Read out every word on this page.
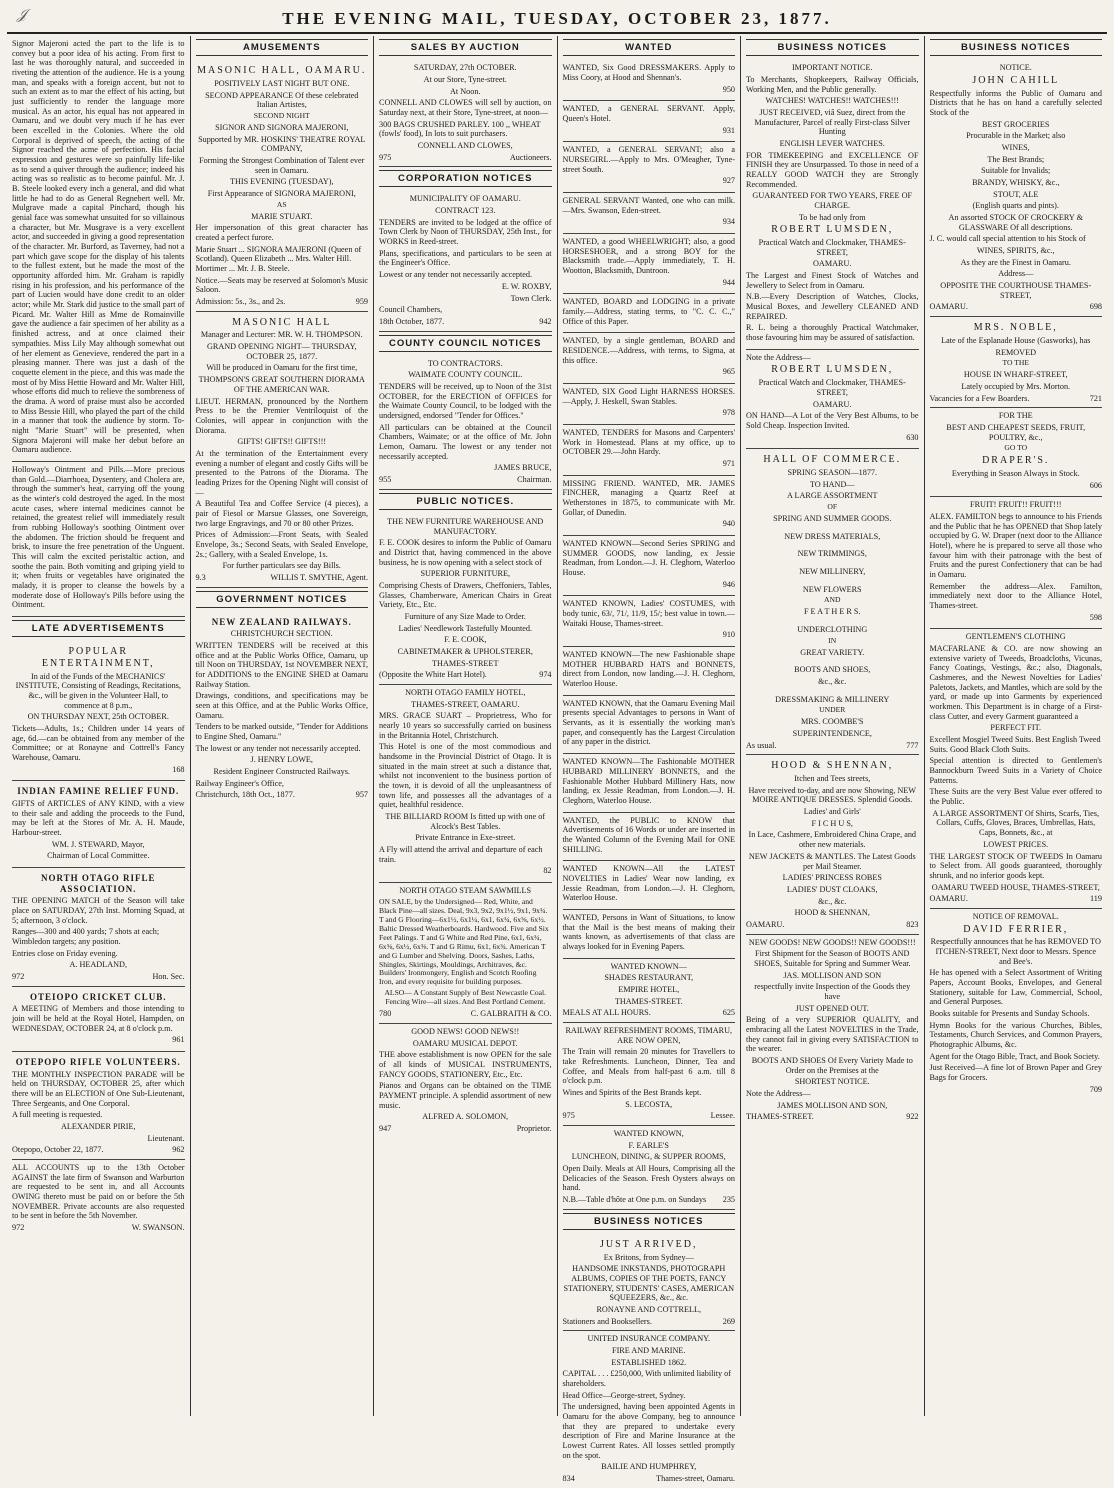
𝒥	THE EVENING MAIL, TUESDAY, OCTOBER 23, 1877.

Signor Majeroni acted the part to the life is to convey but a poor idea of his acting. From first to last he was thoroughly natural, and succeeded in riveting the attention of the audience. He is a young man, and speaks with a foreign accent, but not to such an extent as to mar the effect of his acting, but just sufficiently to render the language more musical. As an actor, his equal has not appeared in Oamaru, and we doubt very much if he has ever been excelled in the Colonies. Where the old Corporal is deprived of speech, the acting of the Signor reached the acme of perfection. His facial expression and gestures were so painfully life-like as to send a quiver through the audience; indeed his acting was so realistic as to become painful. Mr. J. B. Steele looked every inch a general, and did what little he had to do as General Regnebert well. Mr. Mulgrave made a capital Pinchard, though his genial face was somewhat unsuited for so villainous a character, but Mr. Musgrave is a very excellent actor, and succeeded in giving a good representation of the character. Mr. Burford, as Taverney, had not a part which gave scope for the display of his talents to the fullest extent, but he made the most of the opportunity afforded him. Mr. Graham is rapidly rising in his profession, and his performance of the part of Lucien would have done credit to an older actor; while Mr. Stark did justice to the small part of Picard. Mr. Walter Hill as Mme de Romainville gave the audience a fair specimen of her ability as a finished actress, and at once claimed their sympathies. Miss Lily May although somewhat out of her element as Genevieve, rendered the part in a pleasing manner. There was just a dash of the coquette element in the piece, and this was made the most of by Miss Hettie Howard and Mr. Walter Hill, whose efforts did much to relieve the sombreness of the drama. A word of praise must also be accorded to Miss Bessie Hill, who played the part of the child in a manner that took the audience by storm. To-night "Marie Stuart" will be presented, when Signora Majeroni will make her debut before an Oamaru audience.

Holloway's Ointment and Pills.—More precious than Gold.—Diarrhoea, Dysentery, and Cholera are, through the summer's heat, carrying off the young as the winter's cold destroyed the aged. In the most acute cases, where internal medicines cannot be retained, the greatest relief will immediately result from rubbing Holloway's soothing Ointment over the abdomen. The friction should be frequent and brisk, to insure the free penetration of the Unguent. This will calm the excited peristaltic action, and soothe the pain. Both vomiting and griping yield to it; when fruits or vegetables have originated the malady, it is proper to cleanse the bowels by a moderate dose of Holloway's Pills before using the Ointment.

LATE ADVERTISEMENTS

POPULAR ENTERTAINMENT,

In aid of the Funds of the MECHANICS' INSTITUTE, Consisting of Readings, Recitations, &c., will be given in the Volunteer Hall, to commence at 8 p.m.,

ON THURSDAY NEXT, 25th OCTOBER.

Tickets—Adults, 1s.; Children under 14 years of age, 6d.—can be obtained from any member of the Committee; or at Ronayne and Cottrell's Fancy Warehouse, Oamaru.

168

INDIAN FAMINE RELIEF FUND.

GIFTS of ARTICLES of ANY KIND, with a view to their sale and adding the proceeds to the Fund, may be left at the Stores of Mr. A. H. Maude, Harbour-street.

WM. J. STEWARD, Mayor,

Chairman of Local Committee.

NORTH OTAGO RIFLE ASSOCIATION.

THE OPENING MATCH of the Season will take place on SATURDAY, 27th Inst. Morning Squad, at 5; afternoon, 3 o'clock.

Ranges—300 and 400 yards; 7 shots at each; Wimbledon targets; any position.

Entries close on Friday evening.

A. HEADLAND,

972	Hon. Sec.

OTEIOPO CRICKET CLUB.

A MEETING of Members and those intending to join will be held at the Royal Hotel, Hampden, on WEDNESDAY, OCTOBER 24, at 8 o'clock p.m.

961

OTEPOPO RIFLE VOLUNTEERS.

THE MONTHLY INSPECTION PARADE will be held on THURSDAY, OCTOBER 25, after which there will be an ELECTION of One Sub-Lieutenant, Three Sergeants, and One Corporal.

A full meeting is requested.

ALEXANDER PIRIE,

Lieutenant.

Otepopo, October 22, 1877.	962

ALL ACCOUNTS up to the 13th October AGAINST the late firm of Swanson and Warburton are requested to be sent in, and all Accounts OWING thereto must be paid on or before the 5th NOVEMBER. Private accounts are also requested to be sent in before the 5th November.

972	W. SWANSON.
AMUSEMENTS

MASONIC HALL, OAMARU.

POSITIVELY LAST NIGHT BUT ONE.

SECOND APPEARANCE Of these celebrated Italian Artistes,

SECOND NIGHT

SIGNOR AND SIGNORA MAJERONI,

Supported by MR. HOSKINS' THEATRE ROYAL COMPANY,

Forming the Strongest Combination of Talent ever seen in Oamaru.

THIS EVENING (TUESDAY),

First Appearance of SIGNORA MAJERONI,

AS

MARIE STUART.

Her impersonation of this great character has created a perfect furore.

Marie Stuart ... SIGNORA MAJERONI (Queen of Scotland). Queen Elizabeth ... Mrs. Walter Hill. Mortimer ... Mr. J. B. Steele.

Notice.—Seats may be reserved at Solomon's Music Saloon.

Admission: 5s., 3s., and 2s.	959

MASONIC HALL

Manager and Lecturer: MR. W. H. THOMPSON.

GRAND OPENING NIGHT— THURSDAY, OCTOBER 25, 1877.

Will be produced in Oamaru for the first time,

THOMPSON'S GREAT SOUTHERN DIORAMA OF THE AMERICAN WAR.

LIEUT. HERMAN, pronounced by the Northern Press to be the Premier Ventriloquist of the Colonies, will appear in conjunction with the Diorama.

GIFTS! GIFTS!! GIFTS!!!

At the termination of the Entertainment every evening a number of elegant and costly Gifts will be presented to the Patrons of the Diorama. The leading Prizes for the Opening Night will consist of—

A Beautiful Tea and Coffee Service (4 pieces), a pair of Fiesol or Marsue Glasses, one Sovereign, two large Engravings, and 70 or 80 other Prizes.

Prices of Admission:—Front Seats, with Sealed Envelope, 3s.; Second Seats, with Sealed Envelope, 2s.; Gallery, with a Sealed Envelope, 1s.

For further particulars see day Bills.

9.3	WILLIS T. SMYTHE, Agent.
GOVERNMENT NOTICES

NEW ZEALAND RAILWAYS.

CHRISTCHURCH SECTION.

WRITTEN TENDERS will be received at this office and at the Public Works Office, Oamaru, up till Noon on THURSDAY, 1st NOVEMBER NEXT, for ADDITIONS to the ENGINE SHED at Oamaru Railway Station.

Drawings, conditions, and specifications may be seen at this Office, and at the Public Works Office, Oamaru.

Tenders to be marked outside, "Tender for Additions to Engine Shed, Oamaru."

The lowest or any tender not necessarily accepted.

J. HENRY LOWE,

Resident Engineer Constructed Railways.

Railway Engineer's Office,

Christchurch, 18th Oct., 1877.	957
SALES BY AUCTION

SATURDAY, 27th OCTOBER.

At our Store, Tyne-street.

At Noon.

CONNELL AND CLOWES will sell by auction, on Saturday next, at their Store, Tyne-street, at noon—

300 BAGS CRUSHED PARLEY. 100 ,, WHEAT (fowls' food), In lots to suit purchasers.

CONNELL AND CLOWES,

975	Auctioneers.
CORPORATION NOTICES

MUNICIPALITY OF OAMARU.

CONTRACT 123.

TENDERS are invited to be lodged at the office of Town Clerk by Noon of THURSDAY, 25th Inst., for WORKS in Reed-street.

Plans, specifications, and particulars to be seen at the Engineer's Office.

Lowest or any tender not necessarily accepted.

E. W. ROXBY,

Town Clerk.

Council Chambers,

18th October, 1877.	942
COUNTY COUNCIL NOTICES

TO CONTRACTORS.

WAIMATE COUNTY COUNCIL.

TENDERS will be received, up to Noon of the 31st OCTOBER, for the ERECTION of OFFICES for the Waimate County Council, to be lodged with the undersigned, endorsed "Tender for Offices."

All particulars can be obtained at the Council Chambers, Waimate; or at the office of Mr. John Lemon, Oamaru. The lowest or any tender not necessarily accepted.

JAMES BRUCE,

955	Chairman.
PUBLIC NOTICES.

THE NEW FURNITURE WAREHOUSE AND MANUFACTORY.

F. E. COOK desires to inform the Public of Oamaru and District that, having commenced in the above business, he is now opening with a select stock of

SUPERIOR FURNITURE,

Comprising Chests of Drawers, Cheffoniers, Tables, Glasses, Chamberware, American Chairs in Great Variety, Etc., Etc.

Furniture of any Size Made to Order.

Ladies' Needlework Tastefully Mounted.

F. E. COOK,

CABINETMAKER & UPHOLSTERER,

THAMES-STREET

(Opposite the White Hart Hotel).	974

NORTH OTAGO FAMILY HOTEL,

THAMES-STREET, OAMARU.

MRS. GRACE SUART – Proprietress, Who for nearly 10 years so successfully carried on business in the Britannia Hotel, Christchurch.

This Hotel is one of the most commodious and handsome in the Provincial District of Otago. It is situated in the main street at such a distance that, whilst not inconvenient to the business portion of the town, it is devoid of all the unpleasantness of town life, and possesses all the advantages of a quiet, healthful residence.

THE BILLIARD ROOM Is fitted up with one of Alcock's Best Tables.

Private Entrance in Exe-street.

A Fly will attend the arrival and departure of each train.

82

NORTH OTAGO STEAM SAWMILLS

ON SALE, by the Undersigned— Red, White, and Black Pine—all sizes. Deal, 9x3, 9x2, 9x1½, 9x1, 9x¾. T and G Flooring—6x1½, 6x1¼, 6x1, 6x¾, 6x⅝, 6x½. Baltic Dressed Weatherboards. Hardwood. Five and Six Feet Palings. T and G White and Red Pine, 6x1, 6x¾, 6x⅝, 6x½, 6x⅜. T and G Rimu, 6x1, 6x¾. American T and G Lumber and Shelving. Doors, Sashes, Laths, Shingles, Skirtings, Mouldings, Architraves, &c. Builders' Ironmongery, English and Scotch Roofing Iron, and every requisite for building purposes.

ALSO— A Constant Supply of Best Newcastle Coal. Fencing Wire—all sizes. And Best Portland Cement.

780	C. GALBRAITH & CO.

GOOD NEWS! GOOD NEWS!!

OAMARU MUSICAL DEPOT.

THE above establishment is now OPEN for the sale of all kinds of MUSICAL INSTRUMENTS, FANCY GOODS, STATIONERY, Etc., Etc.

Pianos and Organs can be obtained on the TIME PAYMENT principle. A splendid assortment of new music.

ALFRED A. SOLOMON,

947	Proprietor.
WANTED

WANTED, Six Good DRESSMAKERS. Apply to Miss Coory, at Hood and Shennan's.

950

WANTED, a GENERAL SERVANT. Apply, Queen's Hotel.

931

WANTED, a GENERAL SERVANT; also a NURSEGIRL.—Apply to Mrs. O'Meagher, Tyne-street South.

927

GENERAL SERVANT Wanted, one who can milk.—Mrs. Swanson, Eden-street.

934

WANTED, a good WHEELWRIGHT; also, a good HORSESHOER, and a strong BOY for the Blacksmith trade.—Apply immediately, T. H. Wootton, Blacksmith, Duntroon.

944

WANTED, BOARD and LODGING in a private family.—Address, stating terms, to "C. C. C.," Office of this Paper.

WANTED, by a single gentleman, BOARD and RESIDENCE.—Address, with terms, to Sigma, at this office.

965

WANTED, SIX Good Light HARNESS HORSES.—Apply, J. Heskell, Swan Stables.

978

WANTED, TENDERS for Masons and Carpenters' Work in Homestead. Plans at my office, up to OCTOBER 29.—John Hardy.

971

MISSING FRIEND. WANTED, MR. JAMES FINCHER, managing a Quartz Reef at Wetherstones in 1875, to communicate with Mr. Gollar, of Dunedin.

940

WANTED KNOWN—Second Series SPRING and SUMMER GOODS, now landing, ex Jessie Readman, from London.—J. H. Cleghorn, Waterloo House.

946

WANTED KNOWN, Ladies' COSTUMES, with body tunic, 63/, 71/, 11/9, 15/; best value in town.—Waitaki House, Thames-street.

910

WANTED KNOWN—The new Fashionable shape MOTHER HUBBARD HATS and BONNETS, direct from London, now landing.—J. H. Cleghorn, Waterloo House.

WANTED KNOWN, that the Oamaru Evening Mail presents special Advantages to persons in Want of Servants, as it is essentially the working man's paper, and consequently has the Largest Circulation of any paper in the district.

WANTED KNOWN—The Fashionable MOTHER HUBBARD MILLINERY BONNETS, and the Fashionable Mother Hubbard Millinery Hats, now landing, ex Jessie Readman, from London.—J. H. Cleghorn, Waterloo House.

WANTED, the PUBLIC to KNOW that Advertisements of 16 Words or under are inserted in the Wanted Column of the Evening Mail for ONE SHILLING.

WANTED KNOWN—All the LATEST NOVELTIES in Ladies' Wear now landing, ex Jessie Readman, from London.—J. H. Cleghorn, Waterloo House.

WANTED, Persons in Want of Situations, to know that the Mail is the best means of making their wants known, as advertisements of that class are always looked for in Evening Papers.

WANTED KNOWN—

SHADES RESTAURANT,

EMPIRE HOTEL,

THAMES-STREET.

MEALS AT ALL HOURS.	625

RAILWAY REFRESHMENT ROOMS, TIMARU, ARE NOW OPEN,

The Train will remain 20 minutes for Travellers to take Refreshments. Luncheon, Dinner, Tea and Coffee, and Meals from half-past 6 a.m. till 8 o'clock p.m.

Wines and Spirits of the Best Brands kept.

S. LECOSTA,

975	Lessee.

WANTED KNOWN,

F. EARLE'S

LUNCHEON, DINING, & SUPPER ROOMS,

Open Daily. Meals at All Hours, Comprising all the Delicacies of the Season. Fresh Oysters always on hand.

N.B.—Table d'hôte at One p.m. on Sundays 235
BUSINESS NOTICES

JUST ARRIVED,

Ex Britons, from Sydney—

HANDSOME INKSTANDS, PHOTOGRAPH ALBUMS, COPIES OF THE POETS, FANCY STATIONERY, STUDENTS' CASES, AMERICAN SQUEEZERS, &c., &c.

RONAYNE AND COTTRELL,

Stationers and Booksellers.	269

UNITED INSURANCE COMPANY.

FIRE AND MARINE.

ESTABLISHED 1862.

CAPITAL . . . £250,000, With unlimited liability of shareholders.

Head Office—George-street, Sydney.

The undersigned, having been appointed Agents in Oamaru for the above Company, beg to announce that they are prepared to undertake every description of Fire and Marine Insurance at the Lowest Current Rates. All losses settled promptly on the spot.

BAILIE AND HUMPHREY,

834	Thames-street, Oamaru.
BUSINESS NOTICES

IMPORTANT NOTICE.

To Merchants, Shopkeepers, Railway Officials, Working Men, and the Public generally.

WATCHES! WATCHES!! WATCHES!!!

JUST RECEIVED, viâ Suez, direct from the Manufacturer, Parcel of really First-class Silver Hunting

ENGLISH LEVER WATCHES.

FOR TIMEKEEPING and EXCELLENCE OF FINISH they are Unsurpassed. To those in need of a REALLY GOOD WATCH they are Strongly Recommended.

GUARANTEED FOR TWO YEARS, FREE OF CHARGE.

To be had only from

ROBERT LUMSDEN,

Practical Watch and Clockmaker, THAMES-STREET,

OAMARU.

The Largest and Finest Stock of Watches and Jewellery to Select from in Oamaru.

N.B.—Every Description of Watches, Clocks, Musical Boxes, and Jewellery CLEANED AND REPAIRED.

R. L. being a thoroughly Practical Watchmaker, those favouring him may be assured of satisfaction.

Note the Address—

ROBERT LUMSDEN,

Practical Watch and Clockmaker, THAMES-STREET,

OAMARU.

ON HAND—A Lot of the Very Best Albums, to be Sold Cheap. Inspection Invited.

630

HALL OF COMMERCE.

SPRING SEASON—1877.

TO HAND—

A LARGE ASSORTMENT

OF

SPRING AND SUMMER GOODS.

NEW DRESS MATERIALS,

NEW TRIMMINGS,

NEW MILLINERY,

NEW FLOWERS

AND

F E A T H E R S.

UNDERCLOTHING

IN

GREAT VARIETY.

BOOTS AND SHOES,

&c., &c.

DRESSMAKING & MILLINERY

UNDER

MRS. COOMBE'S

SUPERINTENDENCE,

As usual.	777

HOOD & SHENNAN,

Itchen and Tees streets,

Have received to-day, and are now Showing, NEW MOIRE ANTIQUE DRESSES. Splendid Goods.

Ladies' and Girls'

F I C H U S,

In Lace, Cashmere, Embroidered China Crape, and other new materials.

NEW JACKETS & MANTLES. The Latest Goods per Mail Steamer.

LADIES' PRINCESS ROBES

LADIES' DUST CLOAKS,

&c., &c.

HOOD & SHENNAN,

OAMARU.	823

NEW GOODS! NEW GOODS!! NEW GOODS!!!

First Shipment for the Season of BOOTS AND SHOES, Suitable for Spring and Summer Wear.

JAS. MOLLISON AND SON

respectfully invite Inspection of the Goods they have

JUST OPENED OUT.

Being of a very SUPERIOR QUALITY, and embracing all the Latest NOVELTIES in the Trade, they cannot fail in giving every SATISFACTION to the wearer.

BOOTS AND SHOES Of Every Variety Made to Order on the Premises at the

SHORTEST NOTICE.

Note the Address—

JAMES MOLLISON AND SON,

THAMES-STREET.	922
BUSINESS NOTICES

NOTICE.

JOHN CAHILL

Respectfully informs the Public of Oamaru and Districts that he has on hand a carefully selected Stock of the

BEST GROCERIES

Procurable in the Market; also

WINES,

The Best Brands;

Suitable for Invalids;

BRANDY, WHISKY, &c.,

STOUT, ALE

(English quarts and pints).

An assorted STOCK OF CROCKERY & GLASSWARE Of all descriptions.

J. C. would call special attention to his Stock of

WINES, SPIRITS, &c.,

As they are the Finest in Oamaru.

Address—

OPPOSITE THE COURTHOUSE THAMES-STREET,

OAMARU.	698

MRS. NOBLE,

Late of the Esplanade House (Gasworks), has

REMOVED

TO THE

HOUSE IN WHARF-STREET,

Lately occupied by Mrs. Morton.

Vacancies for a Few Boarders.	721

FOR THE

BEST AND CHEAPEST SEEDS, FRUIT, POULTRY, &c.,

GO TO

DRAPER'S.

Everything in Season Always in Stock.

606

FRUIT! FRUIT!! FRUIT!!!

ALEX. FAMILTON begs to announce to his Friends and the Public that he has OPENED that Shop lately occupied by G. W. Draper (next door to the Alliance Hotel), where he is prepared to serve all those who favour him with their patronage with the best of Fruits and the purest Confectionery that can be had in Oamaru.

Remember the address—Alex. Familton, immediately next door to the Alliance Hotel, Thames-street.

598

GENTLEMEN'S CLOTHING

MACFARLANE & CO. are now showing an extensive variety of Tweeds, Broadcloths, Vicunas, Fancy Coatings, Vestings, &c.; also, Diagonals, Cashmeres, and the Newest Novelties for Ladies' Paletots, Jackets, and Mantles, which are sold by the yard, or made up into Garments by experienced workmen. This Department is in charge of a First-class Cutter, and every Garment guaranteed a

PERFECT FIT.

Excellent Mosgiel Tweed Suits. Best English Tweed Suits. Good Black Cloth Suits.

Special attention is directed to Gentlemen's Bannockburn Tweed Suits in a Variety of Choice Patterns.

These Suits are the very Best Value ever offered to the Public.

A LARGE ASSORTMENT Of Shirts, Scarfs, Ties, Collars, Cuffs, Gloves, Braces, Umbrellas, Hats, Caps, Bonnets, &c., at

LOWEST PRICES.

THE LARGEST STOCK OF TWEEDS In Oamaru to Select from. All goods guaranteed, thoroughly shrunk, and no inferior goods kept.

OAMARU TWEED HOUSE, THAMES-STREET,

OAMARU.	119

NOTICE OF REMOVAL.

DAVID FERRIER,

Respectfully announces that he has REMOVED TO ITCHEN-STREET, Next door to Messrs. Spence and Bee's.

He has opened with a Select Assortment of Writing Papers, Account Books, Envelopes, and General Stationery, suitable for Law, Commercial, School, and General Purposes.

Books suitable for Presents and Sunday Schools.

Hymn Books for the various Churches, Bibles, Testaments, Church Services, and Common Prayers, Photographic Albums, &c.

Agent for the Otago Bible, Tract, and Book Society.

Just Received—A fine lot of Brown Paper and Grey Bags for Grocers.

709
